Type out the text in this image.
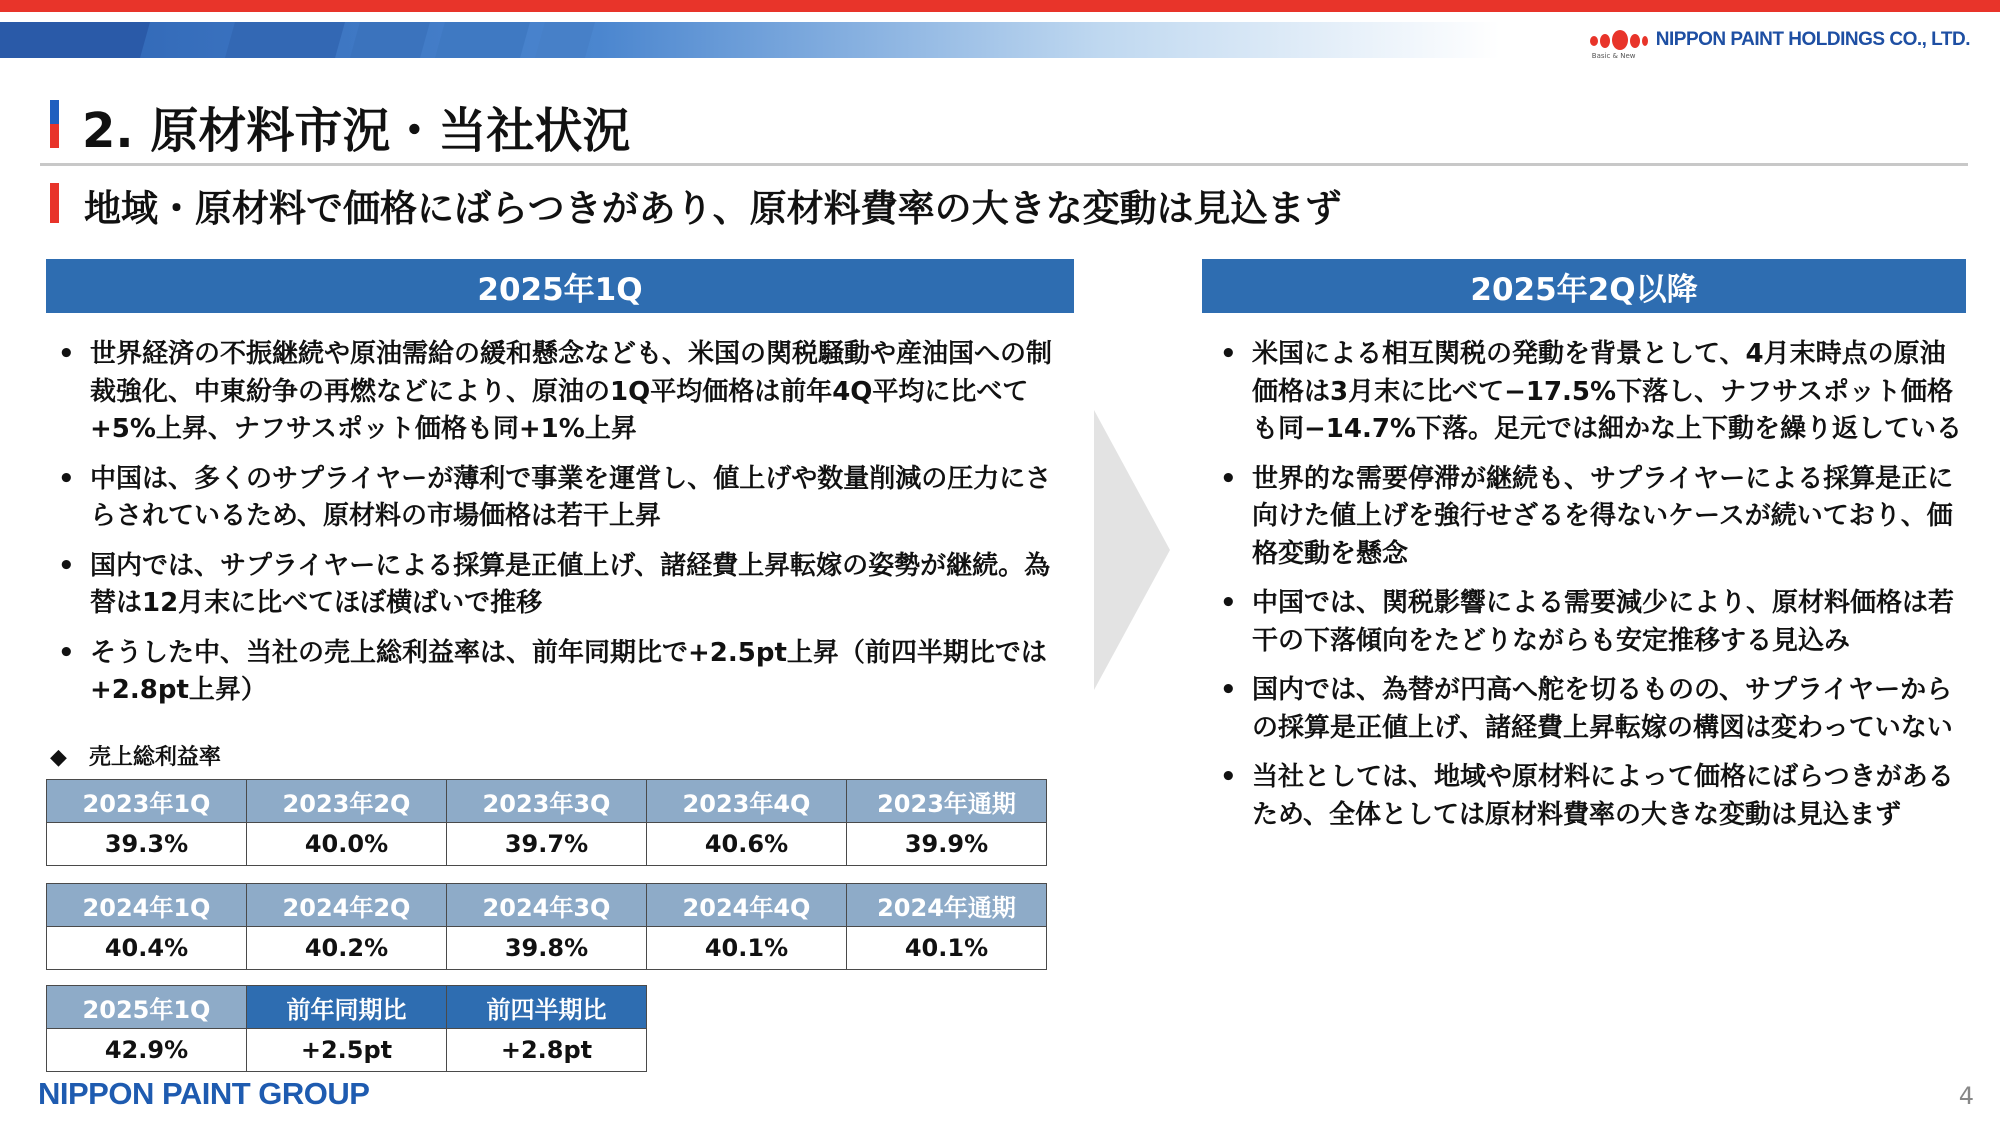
Basic & New
NIPPON PAINT HOLDINGS CO., LTD.
2. 原材料市況・当社状況
地域・原材料で価格にばらつきがあり、原材料費率の大きな変動は見込まず
2025年1Q
• 世界経済の不振継続や原油需給の緩和懸念なども、米国の関税騒動や産油国への制裁強化、中東紛争の再燃などにより、原油の1Q平均価格は前年4Q平均に比べて+5%上昇、ナフサスポット価格も同+1%上昇
• 中国は、多くのサプライヤーが薄利で事業を運営し、値上げや数量削減の圧力にさらされているため、原材料の市場価格は若干上昇
• 国内では、サプライヤーによる採算是正値上げ、諸経費上昇転嫁の姿勢が継続。為替は12月末に比べてほぼ横ばいで推移
• そうした中、当社の売上総利益率は、前年同期比で+2.5pt上昇（前四半期比では+2.8pt上昇）
2025年2Q以降
• 米国による相互関税の発動を背景として、4月末時点の原油価格は3月末に比べて−17.5%下落し、ナフサスポット価格も同−14.7%下落。足元では細かな上下動を繰り返している
• 世界的な需要停滞が継続も、サプライヤーによる採算是正に向けた値上げを強行せざるを得ないケースが続いており、価格変動を懸念
• 中国では、関税影響による需要減少により、原材料価格は若干の下落傾向をたどりながらも安定推移する見込み
• 国内では、為替が円高へ舵を切るものの、サプライヤーからの採算是正値上げ、諸経費上昇転嫁の構図は変わっていない
• 当社としては、地域や原材料によって価格にばらつきがあるため、全体としては原材料費率の大きな変動は見込まず
◆ 売上総利益率
2023年1Q	2023年2Q	2023年3Q	2023年4Q	2023年通期
39.3%	40.0%	39.7%	40.6%	39.9%
2024年1Q	2024年2Q	2024年3Q	2024年4Q	2024年通期
40.4%	40.2%	39.8%	40.1%	40.1%
2025年1Q	前年同期比	前四半期比
42.9%	+2.5pt	+2.8pt
NIPPON PAINT GROUP	4
